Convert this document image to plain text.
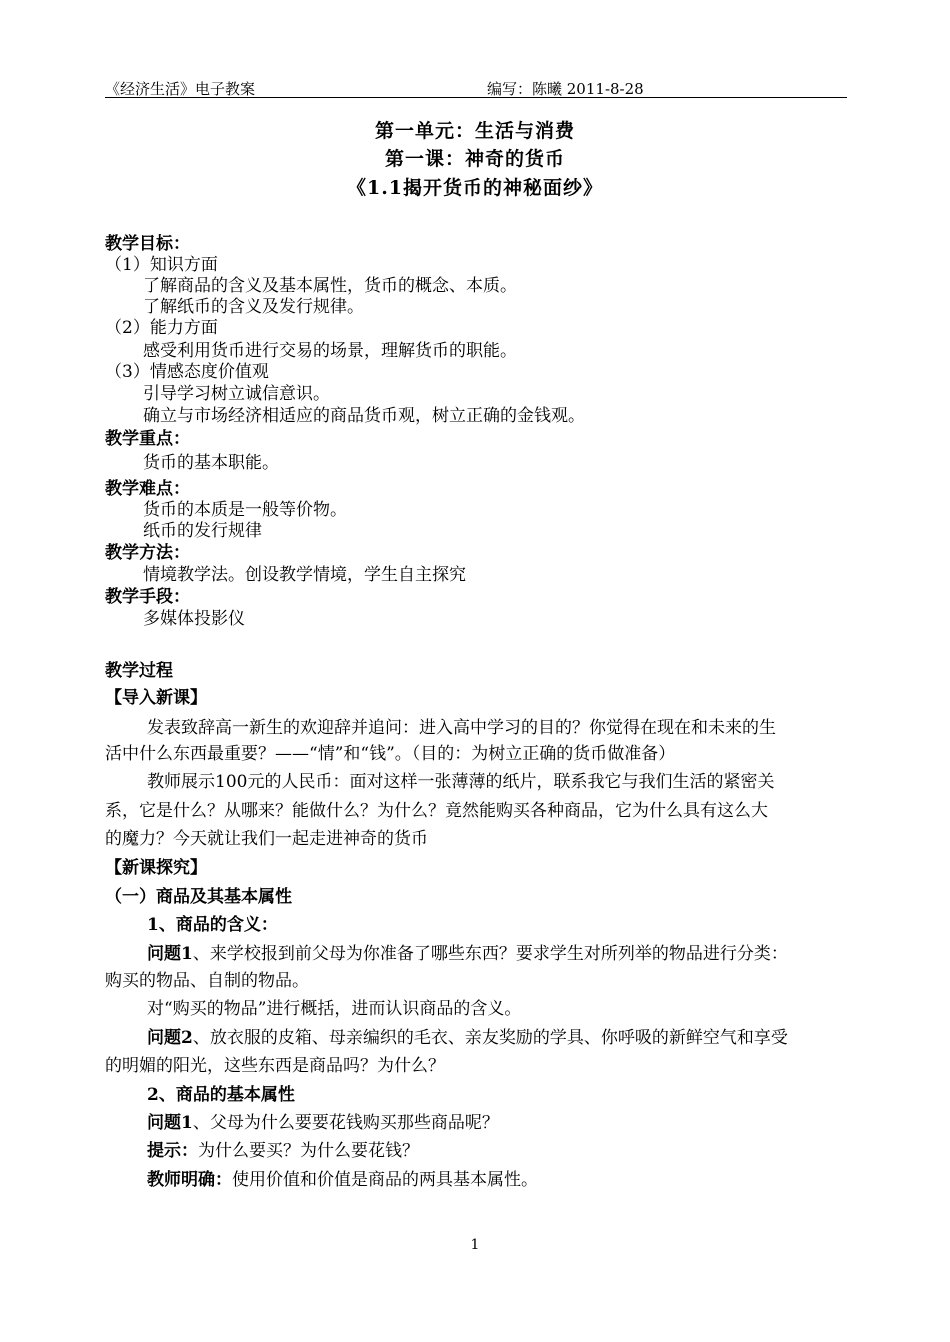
《经济生活》电子教案	编写：陈曦 2011-8-28
第一单元：生活与消费
第一课：神奇的货币
《1.1揭开货币的神秘面纱》
教学目标：
（1）知识方面
了解商品的含义及基本属性，货币的概念、本质。
了解纸币的含义及发行规律。
（2）能力方面
感受利用货币进行交易的场景，理解货币的职能。
（3）情感态度价值观
引导学习树立诚信意识。
确立与市场经济相适应的商品货币观，树立正确的金钱观。
教学重点：
货币的基本职能。
教学难点：
货币的本质是一般等价物。
纸币的发行规律
教学方法：
情境教学法。创设教学情境，学生自主探究
教学手段：
多媒体投影仪
教学过程
【导入新课】
发表致辞高一新生的欢迎辞并追问：进入高中学习的目的？你觉得在现在和未来的生
活中什么东西最重要？——“情”和“钱”。（目的：为树立正确的货币做准备）
教师展示100元的人民币：面对这样一张薄薄的纸片，联系我它与我们生活的紧密关
系，它是什么？从哪来？能做什么？为什么？竟然能购买各种商品，它为什么具有这么大
的魔力？今天就让我们一起走进神奇的货币
【新课探究】
（一）商品及其基本属性
1、商品的含义：
问题1、来学校报到前父母为你准备了哪些东西？要求学生对所列举的物品进行分类：
购买的物品、自制的物品。
对“购买的物品”进行概括，进而认识商品的含义。
问题2、放衣服的皮箱、母亲编织的毛衣、亲友奖励的学具、你呼吸的新鲜空气和享受
的明媚的阳光，这些东西是商品吗？为什么？
2、商品的基本属性
问题1、父母为什么要要花钱购买那些商品呢？
提示：为什么要买？为什么要花钱？
教师明确：使用价值和价值是商品的两具基本属性。
1
